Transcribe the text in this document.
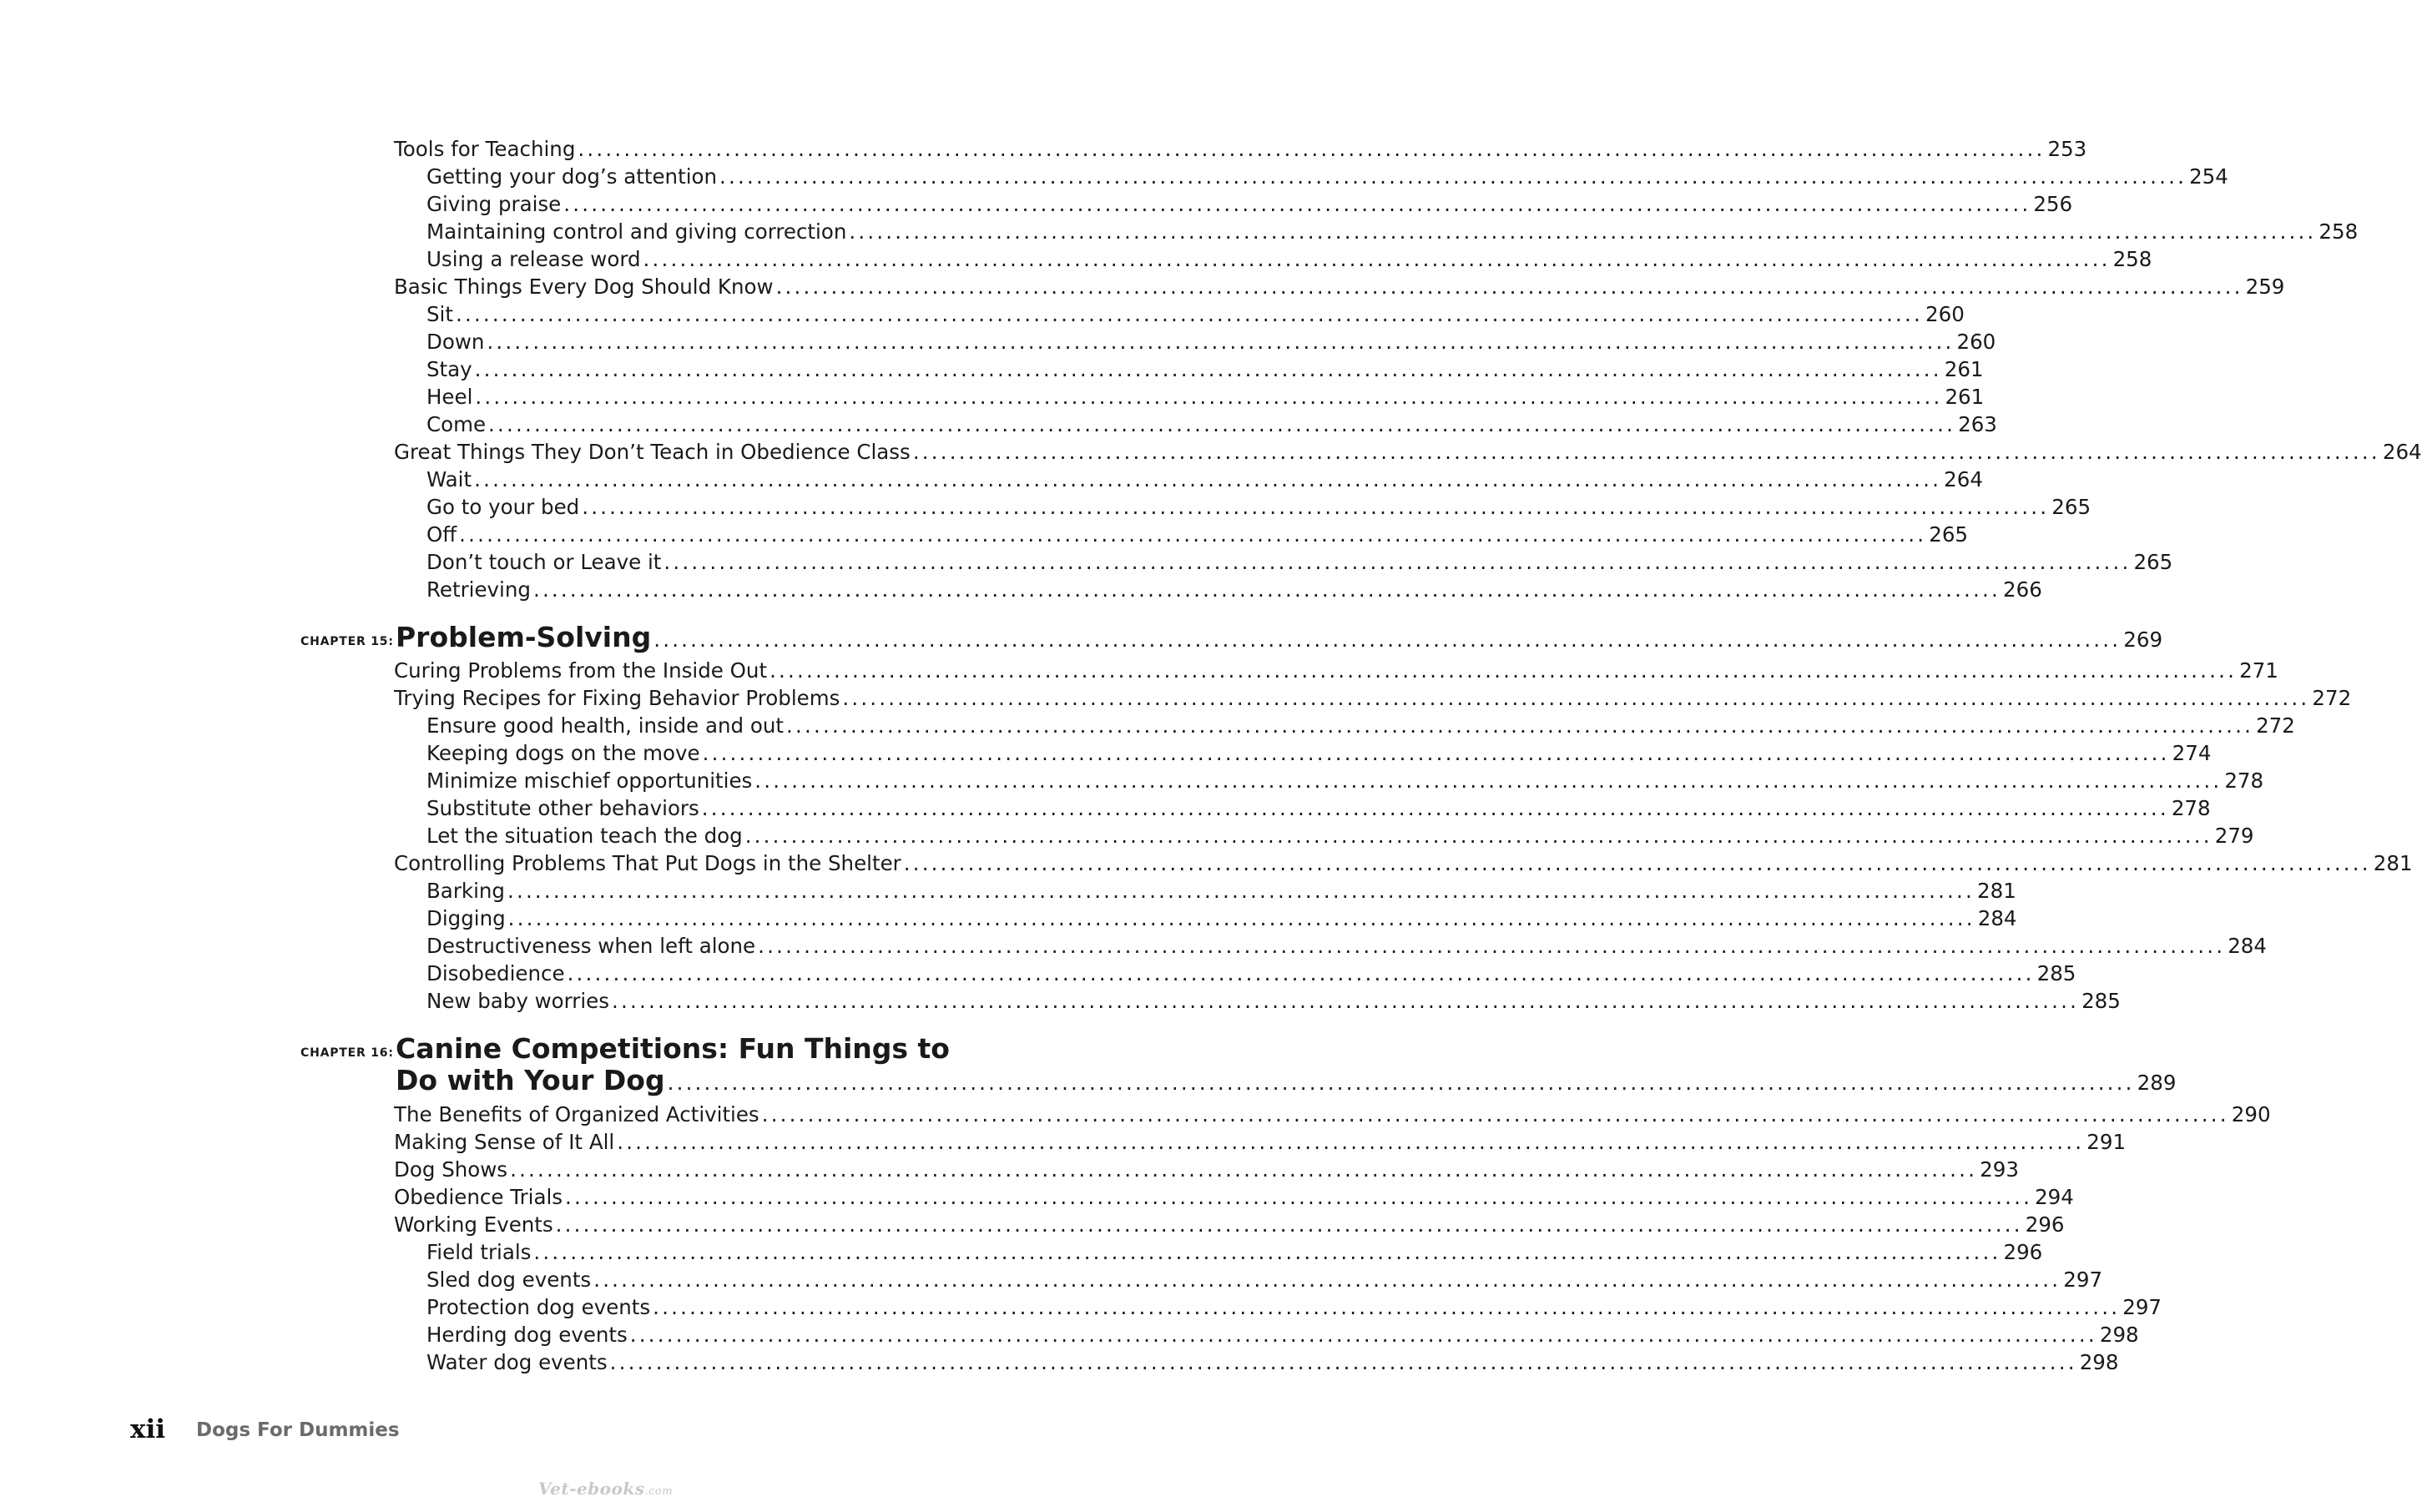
Tools for Teaching ................................................................................................................................................................ 253
Getting your dog’s attention ................................................................................................................................................................ 254
Giving praise ................................................................................................................................................................ 256
Maintaining control and giving correction ................................................................................................................................................................ 258
Using a release word ................................................................................................................................................................ 258
Basic Things Every Dog Should Know ................................................................................................................................................................ 259
Sit ................................................................................................................................................................ 260
Down ................................................................................................................................................................ 260
Stay ................................................................................................................................................................ 261
Heel ................................................................................................................................................................ 261
Come ................................................................................................................................................................ 263
Great Things They Don’t Teach in Obedience Class ................................................................................................................................................................ 264
Wait ................................................................................................................................................................ 264
Go to your bed ................................................................................................................................................................ 265
Off ................................................................................................................................................................ 265
Don’t touch or Leave it ................................................................................................................................................................ 265
Retrieving ................................................................................................................................................................ 266
CHAPTER 15: Problem-Solving ................................................................................................................................................................ 269
Curing Problems from the Inside Out ................................................................................................................................................................ 271
Trying Recipes for Fixing Behavior Problems ................................................................................................................................................................ 272
Ensure good health, inside and out ................................................................................................................................................................ 272
Keeping dogs on the move ................................................................................................................................................................ 274
Minimize mischief opportunities ................................................................................................................................................................ 278
Substitute other behaviors ................................................................................................................................................................ 278
Let the situation teach the dog ................................................................................................................................................................ 279
Controlling Problems That Put Dogs in the Shelter ................................................................................................................................................................ 281
Barking ................................................................................................................................................................ 281
Digging ................................................................................................................................................................ 284
Destructiveness when left alone ................................................................................................................................................................ 284
Disobedience ................................................................................................................................................................ 285
New baby worries ................................................................................................................................................................ 285
CHAPTER 16: Canine Competitions: Fun Things to
Do with Your Dog ................................................................................................................................................................ 289
The Benefits of Organized Activities ................................................................................................................................................................ 290
Making Sense of It All ................................................................................................................................................................ 291
Dog Shows ................................................................................................................................................................ 293
Obedience Trials ................................................................................................................................................................ 294
Working Events ................................................................................................................................................................ 296
Field trials ................................................................................................................................................................ 296
Sled dog events ................................................................................................................................................................ 297
Protection dog events ................................................................................................................................................................ 297
Herding dog events ................................................................................................................................................................ 298
Water dog events ................................................................................................................................................................ 298
xii Dogs For Dummies
Vet-ebooks.com
